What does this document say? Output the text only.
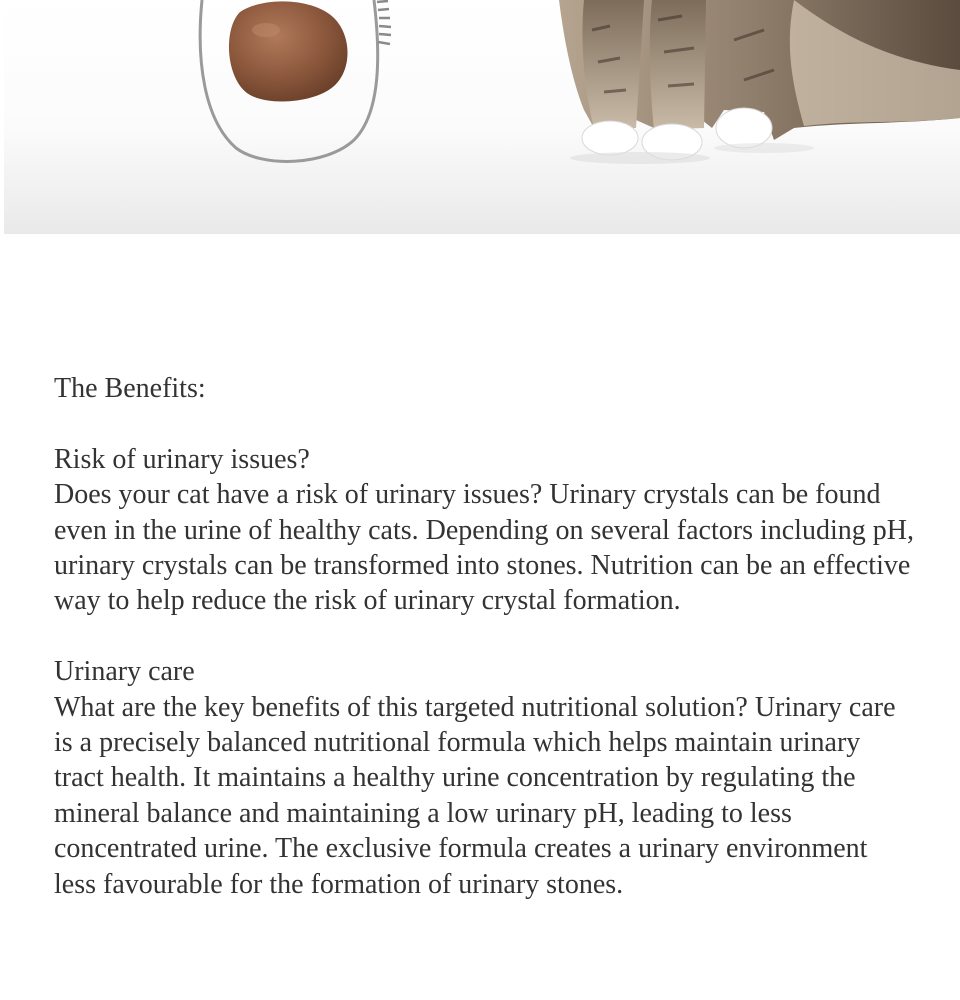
The Benefits:

Risk of urinary issues?

Does your cat have a risk of urinary issues? Urinary crystals can be found even in the urine of healthy cats. Depending on several factors including pH, urinary crystals can be transformed into stones. Nutrition can be an effective way to help reduce the risk of urinary crystal formation.

Urinary care

What are the key benefits of this targeted nutritional solution? Urinary care is a precisely balanced nutritional formula which helps maintain urinary tract health. It maintains a healthy urine concentration by regulating the mineral balance and maintaining a low urinary pH, leading to less concentrated urine. The exclusive formula creates a urinary environment less favourable for the formation of urinary stones.
